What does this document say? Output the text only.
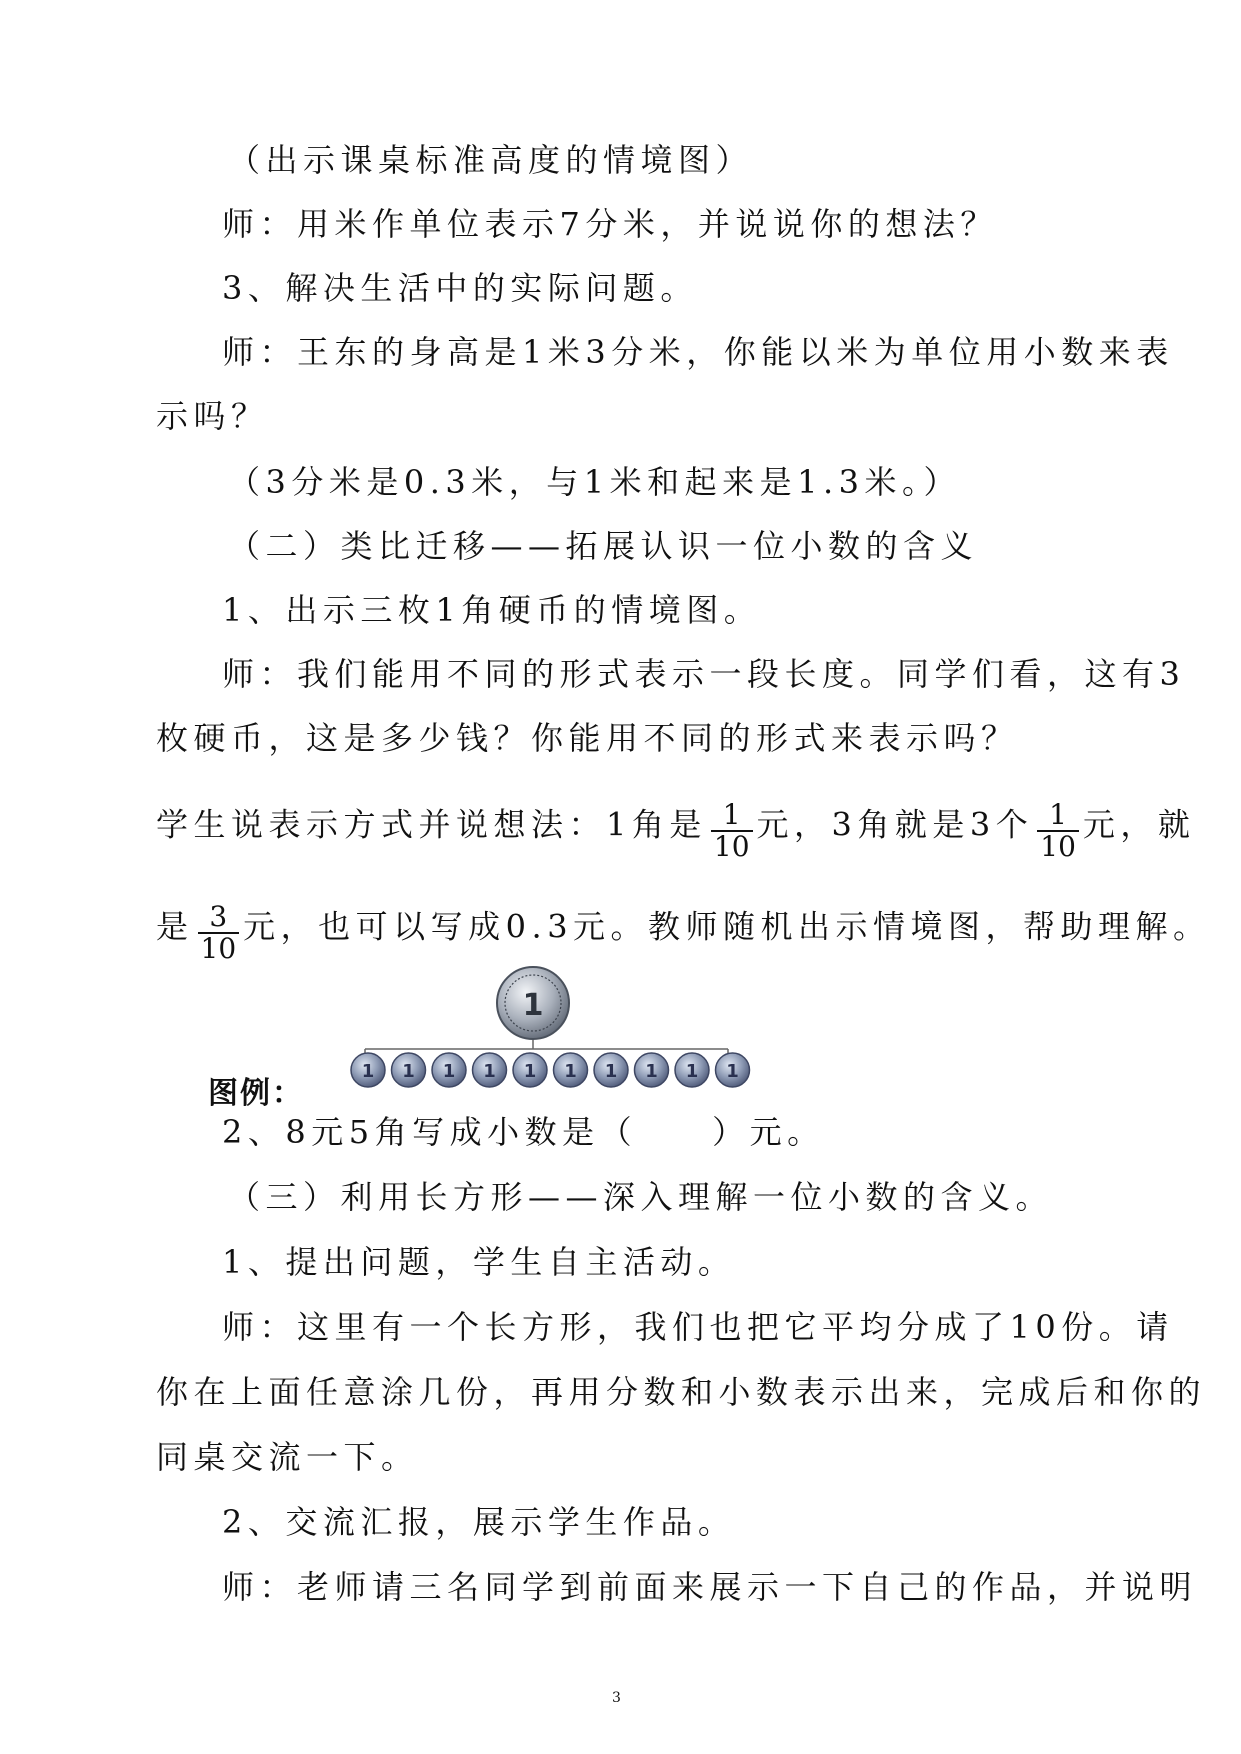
（出示课桌标准高度的情境图）
师：用米作单位表示7分米，并说说你的想法？
3、解决生活中的实际问题。
师：王东的身高是1米3分米，你能以米为单位用小数来表
示吗？
（3分米是0.3米，与1米和起来是1.3米。）
（二）类比迁移——拓展认识一位小数的含义
1、出示三枚1角硬币的情境图。
师：我们能用不同的形式表示一段长度。同学们看，这有3
枚硬币，这是多少钱？你能用不同的形式来表示吗？
学生说表示方式并说想法：1角是 $\frac{1}{10}$ 元，3角就是3个 $\frac{1}{10}$ 元，就
是 $\frac{3}{10}$ 元，也可以写成0.3元。教师随机出示情境图，帮助理解。
1
1 1 1 1 1 1 1 1 1 1
图例：
2、8元5角写成小数是（　　）元。
（三）利用长方形——深入理解一位小数的含义。
1、提出问题，学生自主活动。
师：这里有一个长方形，我们也把它平均分成了10份。请
你在上面任意涂几份，再用分数和小数表示出来，完成后和你的
同桌交流一下。
2、交流汇报，展示学生作品。
师：老师请三名同学到前面来展示一下自己的作品，并说明
3
